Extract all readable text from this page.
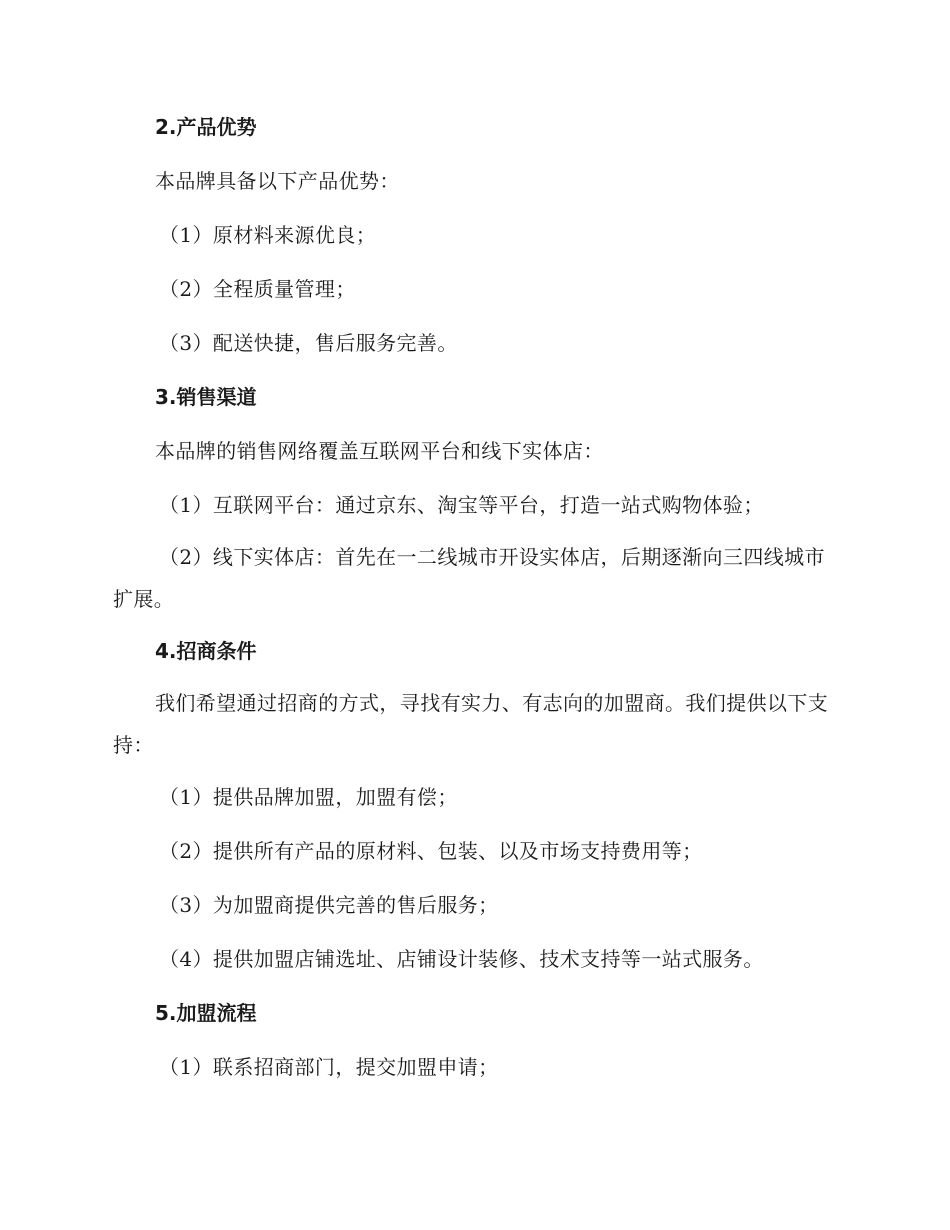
2.产品优势

本品牌具备以下产品优势：

（1）原材料来源优良；

（2）全程质量管理；

（3）配送快捷，售后服务完善。

3.销售渠道

本品牌的销售网络覆盖互联网平台和线下实体店：

（1）互联网平台：通过京东、淘宝等平台，打造一站式购物体验；

（2）线下实体店：首先在一二线城市开设实体店，后期逐渐向三四线城市扩展。

4.招商条件

我们希望通过招商的方式，寻找有实力、有志向的加盟商。我们提供以下支持：

（1）提供品牌加盟，加盟有偿；

（2）提供所有产品的原材料、包装、以及市场支持费用等；

（3）为加盟商提供完善的售后服务；

（4）提供加盟店铺选址、店铺设计装修、技术支持等一站式服务。

5.加盟流程

（1）联系招商部门，提交加盟申请；
